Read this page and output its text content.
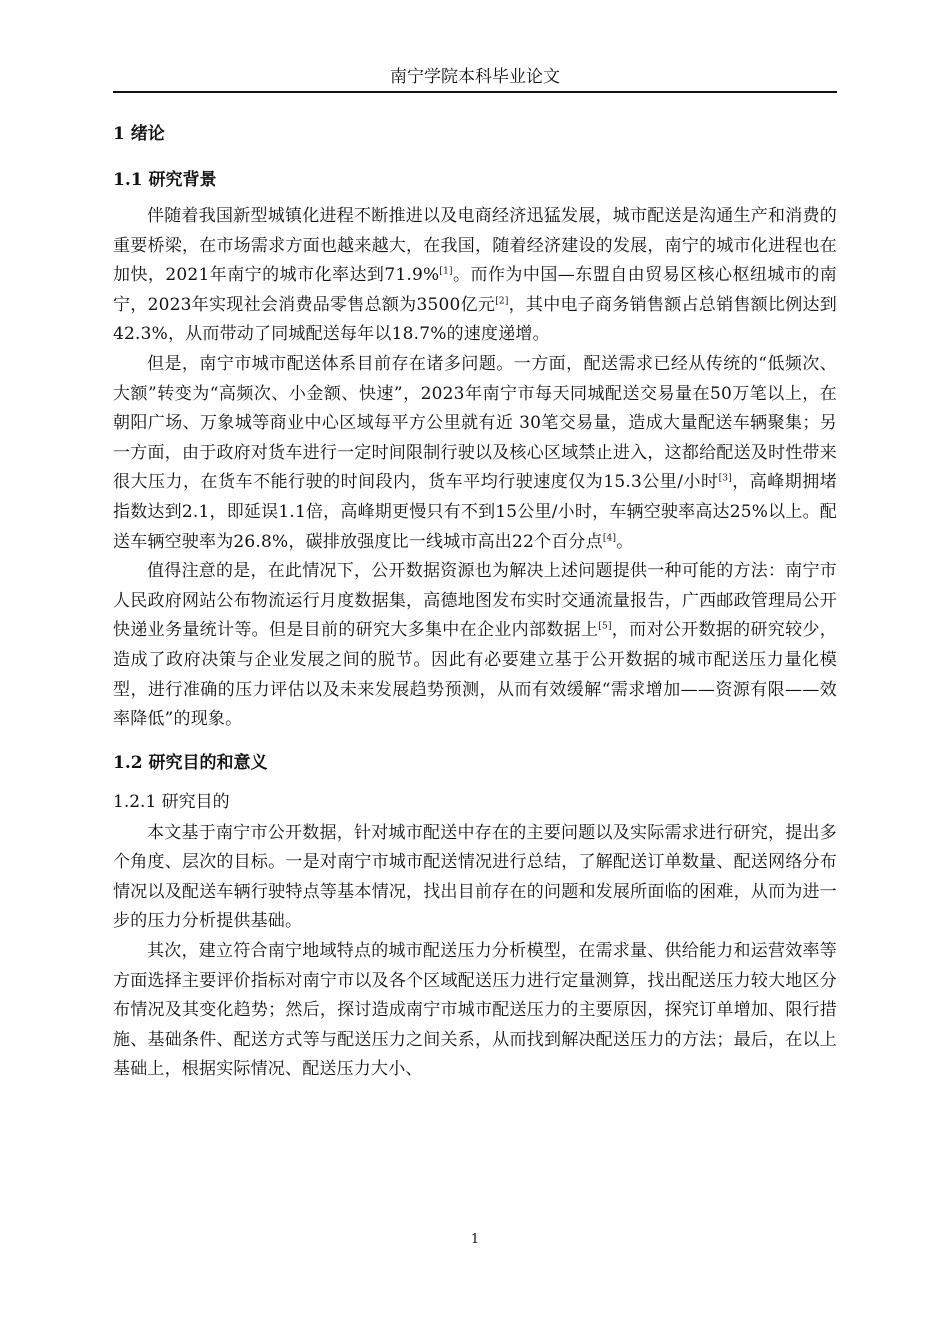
南宁学院本科毕业论文
1 绪论
1.1 研究背景

伴随着我国新型城镇化进程不断推进以及电商经济迅猛发展，城市配送是沟通生产和消费的重要桥梁，在市场需求方面也越来越大，在我国，随着经济建设的发展，南宁的城市化进程也在加快，2021年南宁的城市化率达到71.9%[1]。而作为中国—东盟自由贸易区核心枢纽城市的南宁，2023年实现社会消费品零售总额为3500亿元[2]，其中电子商务销售额占总销售额比例达到42.3%，从而带动了同城配送每年以18.7%的速度递增。

但是，南宁市城市配送体系目前存在诸多问题。一方面，配送需求已经从传统的“低频次、大额”转变为“高频次、小金额、快速”，2023年南宁市每天同城配送交易量在50万笔以上，在朝阳广场、万象城等商业中心区域每平方公里就有近 30笔交易量，造成大量配送车辆聚集；另一方面，由于政府对货车进行一定时间限制行驶以及核心区域禁止进入，这都给配送及时性带来很大压力，在货车不能行驶的时间段内，货车平均行驶速度仅为15.3公里/小时[3]，高峰期拥堵指数达到2.1，即延误1.1倍，高峰期更慢只有不到15公里/小时，车辆空驶率高达25%以上。配送车辆空驶率为26.8%，碳排放强度比一线城市高出22个百分点[4]。

值得注意的是，在此情况下，公开数据资源也为解决上述问题提供一种可能的方法：南宁市人民政府网站公布物流运行月度数据集，高德地图发布实时交通流量报告，广西邮政管理局公开快递业务量统计等。但是目前的研究大多集中在企业内部数据上[5]，而对公开数据的研究较少，造成了政府决策与企业发展之间的脱节。因此有必要建立基于公开数据的城市配送压力量化模型，进行准确的压力评估以及未来发展趋势预测，从而有效缓解“需求增加——资源有限——效率降低”的现象。

1.2 研究目的和意义
1.2.1 研究目的

本文基于南宁市公开数据，针对城市配送中存在的主要问题以及实际需求进行研究，提出多个角度、层次的目标。一是对南宁市城市配送情况进行总结，了解配送订单数量、配送网络分布情况以及配送车辆行驶特点等基本情况，找出目前存在的问题和发展所面临的困难，从而为进一步的压力分析提供基础。

其次，建立符合南宁地域特点的城市配送压力分析模型，在需求量、供给能力和运营效率等方面选择主要评价指标对南宁市以及各个区域配送压力进行定量测算，找出配送压力较大地区分布情况及其变化趋势；然后，探讨造成南宁市城市配送压力的主要原因，探究订单增加、限行措施、基础条件、配送方式等与配送压力之间关系，从而找到解决配送压力的方法；最后，在以上基础上，根据实际情况、配送压力大小、

1
